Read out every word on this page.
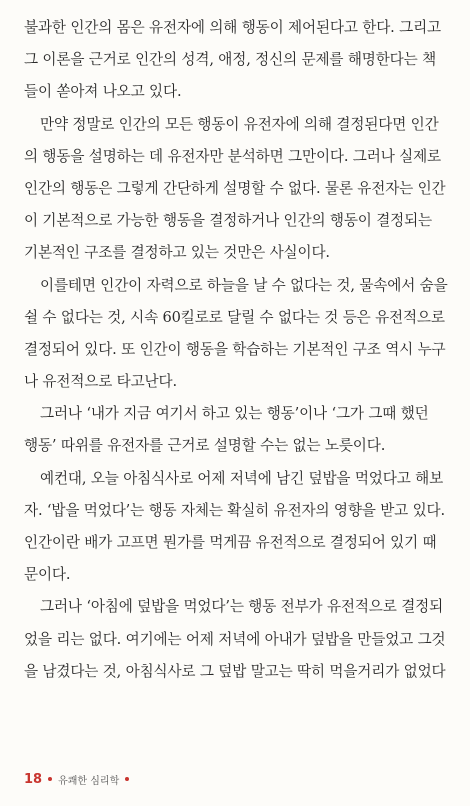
불과한 인간의 몸은 유전자에 의해 행동이 제어된다고 한다. 그리고
그 이론을 근거로 인간의 성격, 애정, 정신의 문제를 해명한다는 책
들이 쏟아져 나오고 있다.
만약 정말로 인간의 모든 행동이 유전자에 의해 결정된다면 인간
의 행동을 설명하는 데 유전자만 분석하면 그만이다. 그러나 실제로
인간의 행동은 그렇게 간단하게 설명할 수 없다. 물론 유전자는 인간
이 기본적으로 가능한 행동을 결정하거나 인간의 행동이 결정되는
기본적인 구조를 결정하고 있는 것만은 사실이다.
이를테면 인간이 자력으로 하늘을 날 수 없다는 것, 물속에서 숨을
쉴 수 없다는 것, 시속 60킬로로 달릴 수 없다는 것 등은 유전적으로
결정되어 있다. 또 인간이 행동을 학습하는 기본적인 구조 역시 누구
나 유전적으로 타고난다.
그러나 ‘내가 지금 여기서 하고 있는 행동’이나 ‘그가 그때 했던
행동’ 따위를 유전자를 근거로 설명할 수는 없는 노릇이다.
예컨대, 오늘 아침식사로 어제 저녁에 남긴 덮밥을 먹었다고 해보
자. ‘밥을 먹었다’는 행동 자체는 확실히 유전자의 영향을 받고 있다.
인간이란 배가 고프면 뭔가를 먹게끔 유전적으로 결정되어 있기 때
문이다.
그러나 ‘아침에 덮밥을 먹었다’는 행동 전부가 유전적으로 결정되
었을 리는 없다. 여기에는 어제 저녁에 아내가 덮밥을 만들었고 그것
을 남겼다는 것, 아침식사로 그 덮밥 말고는 딱히 먹을거리가 없었다
18 유쾌한 심리학
